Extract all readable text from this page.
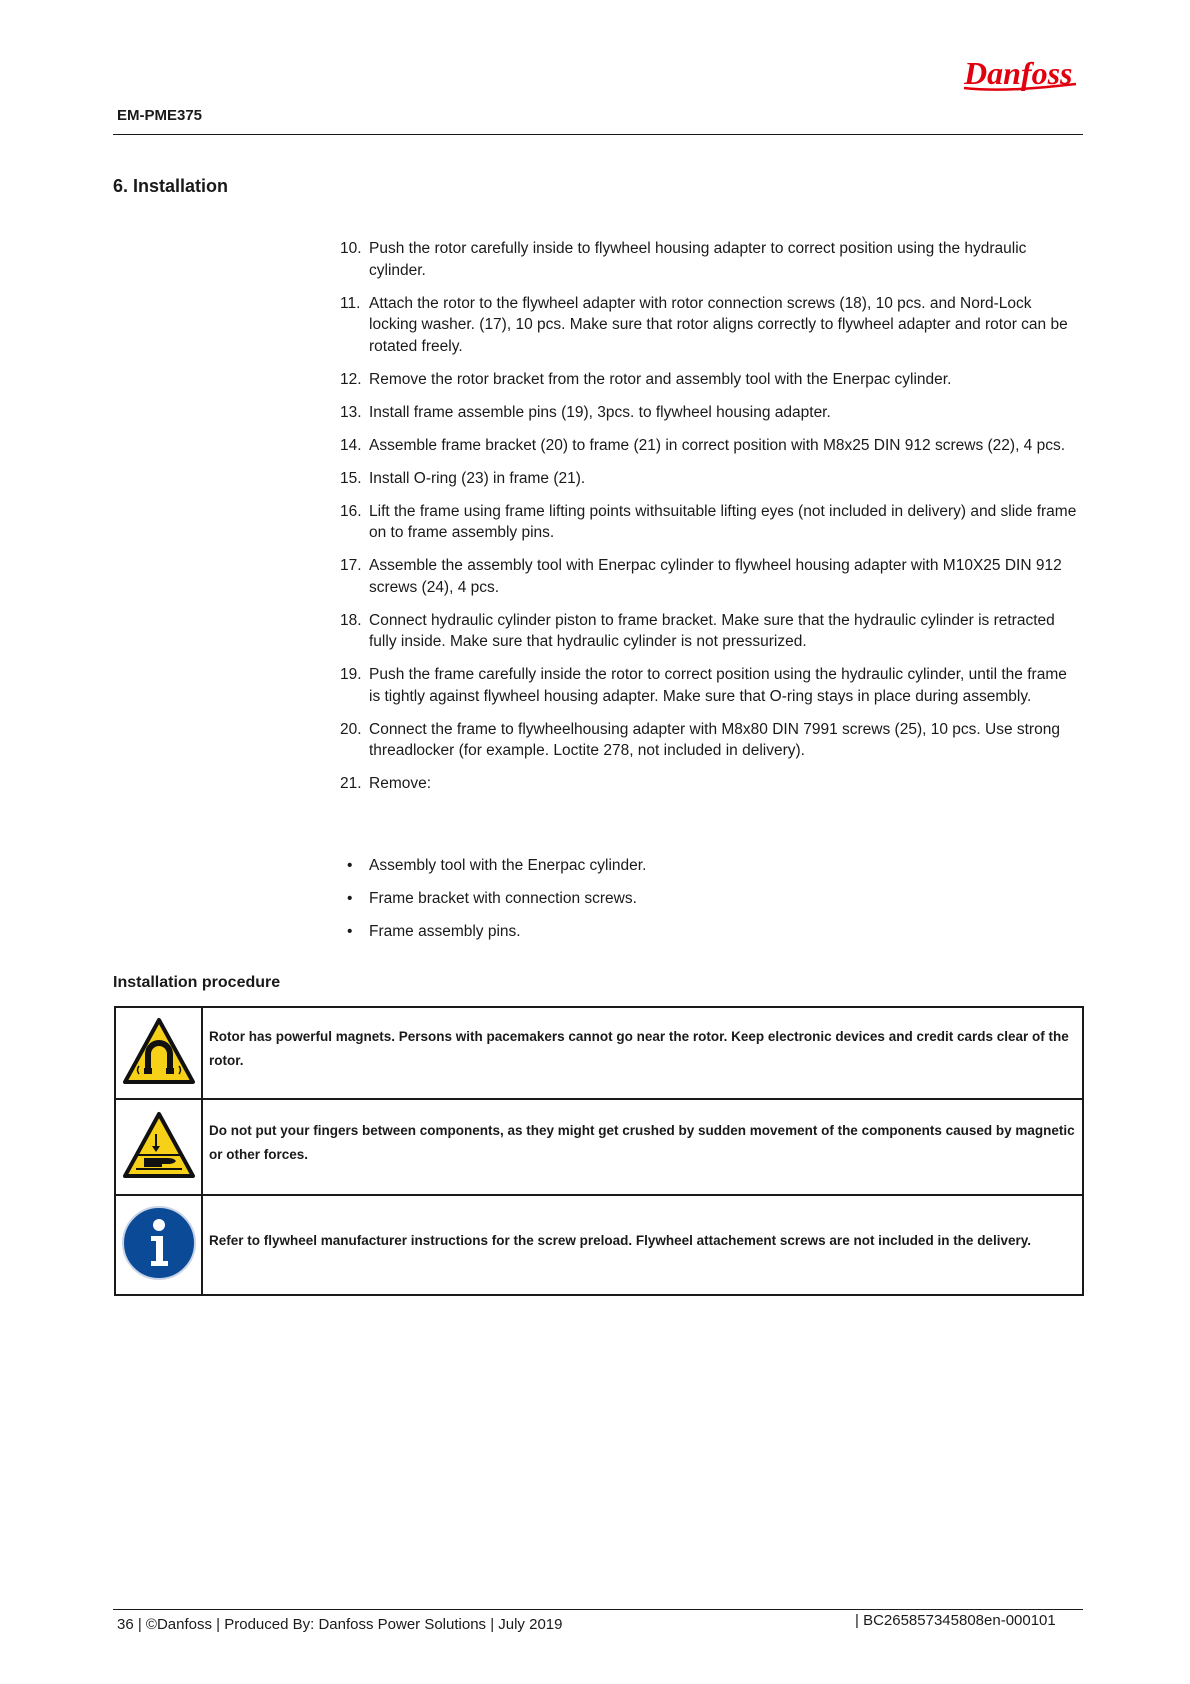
Danfoss
EM-PME375
6. Installation
10. Push the rotor carefully inside to flywheel housing adapter to correct position using the hydraulic cylinder.
11. Attach the rotor to the flywheel adapter with rotor connection screws (18), 10 pcs. and Nord-Lock locking washer. (17), 10 pcs. Make sure that rotor aligns correctly to flywheel adapter and rotor can be rotated freely.
12. Remove the rotor bracket from the rotor and assembly tool with the Enerpac cylinder.
13. Install frame assemble pins (19), 3pcs. to flywheel housing adapter.
14. Assemble frame bracket (20) to frame (21) in correct position with M8x25 DIN 912 screws (22), 4 pcs.
15. Install O-ring (23) in frame (21).
16. Lift the frame using frame lifting points withsuitable lifting eyes (not included in delivery) and slide frame on to frame assembly pins.
17. Assemble the assembly tool with Enerpac cylinder to flywheel housing adapter with M10X25 DIN 912 screws (24), 4 pcs.
18. Connect hydraulic cylinder piston to frame bracket. Make sure that the hydraulic cylinder is retracted fully inside. Make sure that hydraulic cylinder is not pressurized.
19. Push the frame carefully inside the rotor to correct position using the hydraulic cylinder, until the frame is tightly against flywheel housing adapter. Make sure that O-ring stays in place during assembly.
20. Connect the frame to flywheelhousing adapter with M8x80 DIN 7991 screws (25), 10 pcs. Use strong threadlocker (for example. Loctite 278, not included in delivery).
21. Remove:
• Assembly tool with the Enerpac cylinder.
• Frame bracket with connection screws.
• Frame assembly pins.
Installation procedure

Rotor has powerful magnets. Persons with pacemakers cannot go near the rotor. Keep electronic devices and credit cards clear of the rotor.

Do not put your fingers between components, as they might get crushed by sudden movement of the components caused by magnetic or other forces.

Refer to flywheel manufacturer instructions for the screw preload. Flywheel attachement screws are not included in the delivery.
36 | ©Danfoss | Produced By: Danfoss Power Solutions | July 2019	| BC265857345808en-000101
